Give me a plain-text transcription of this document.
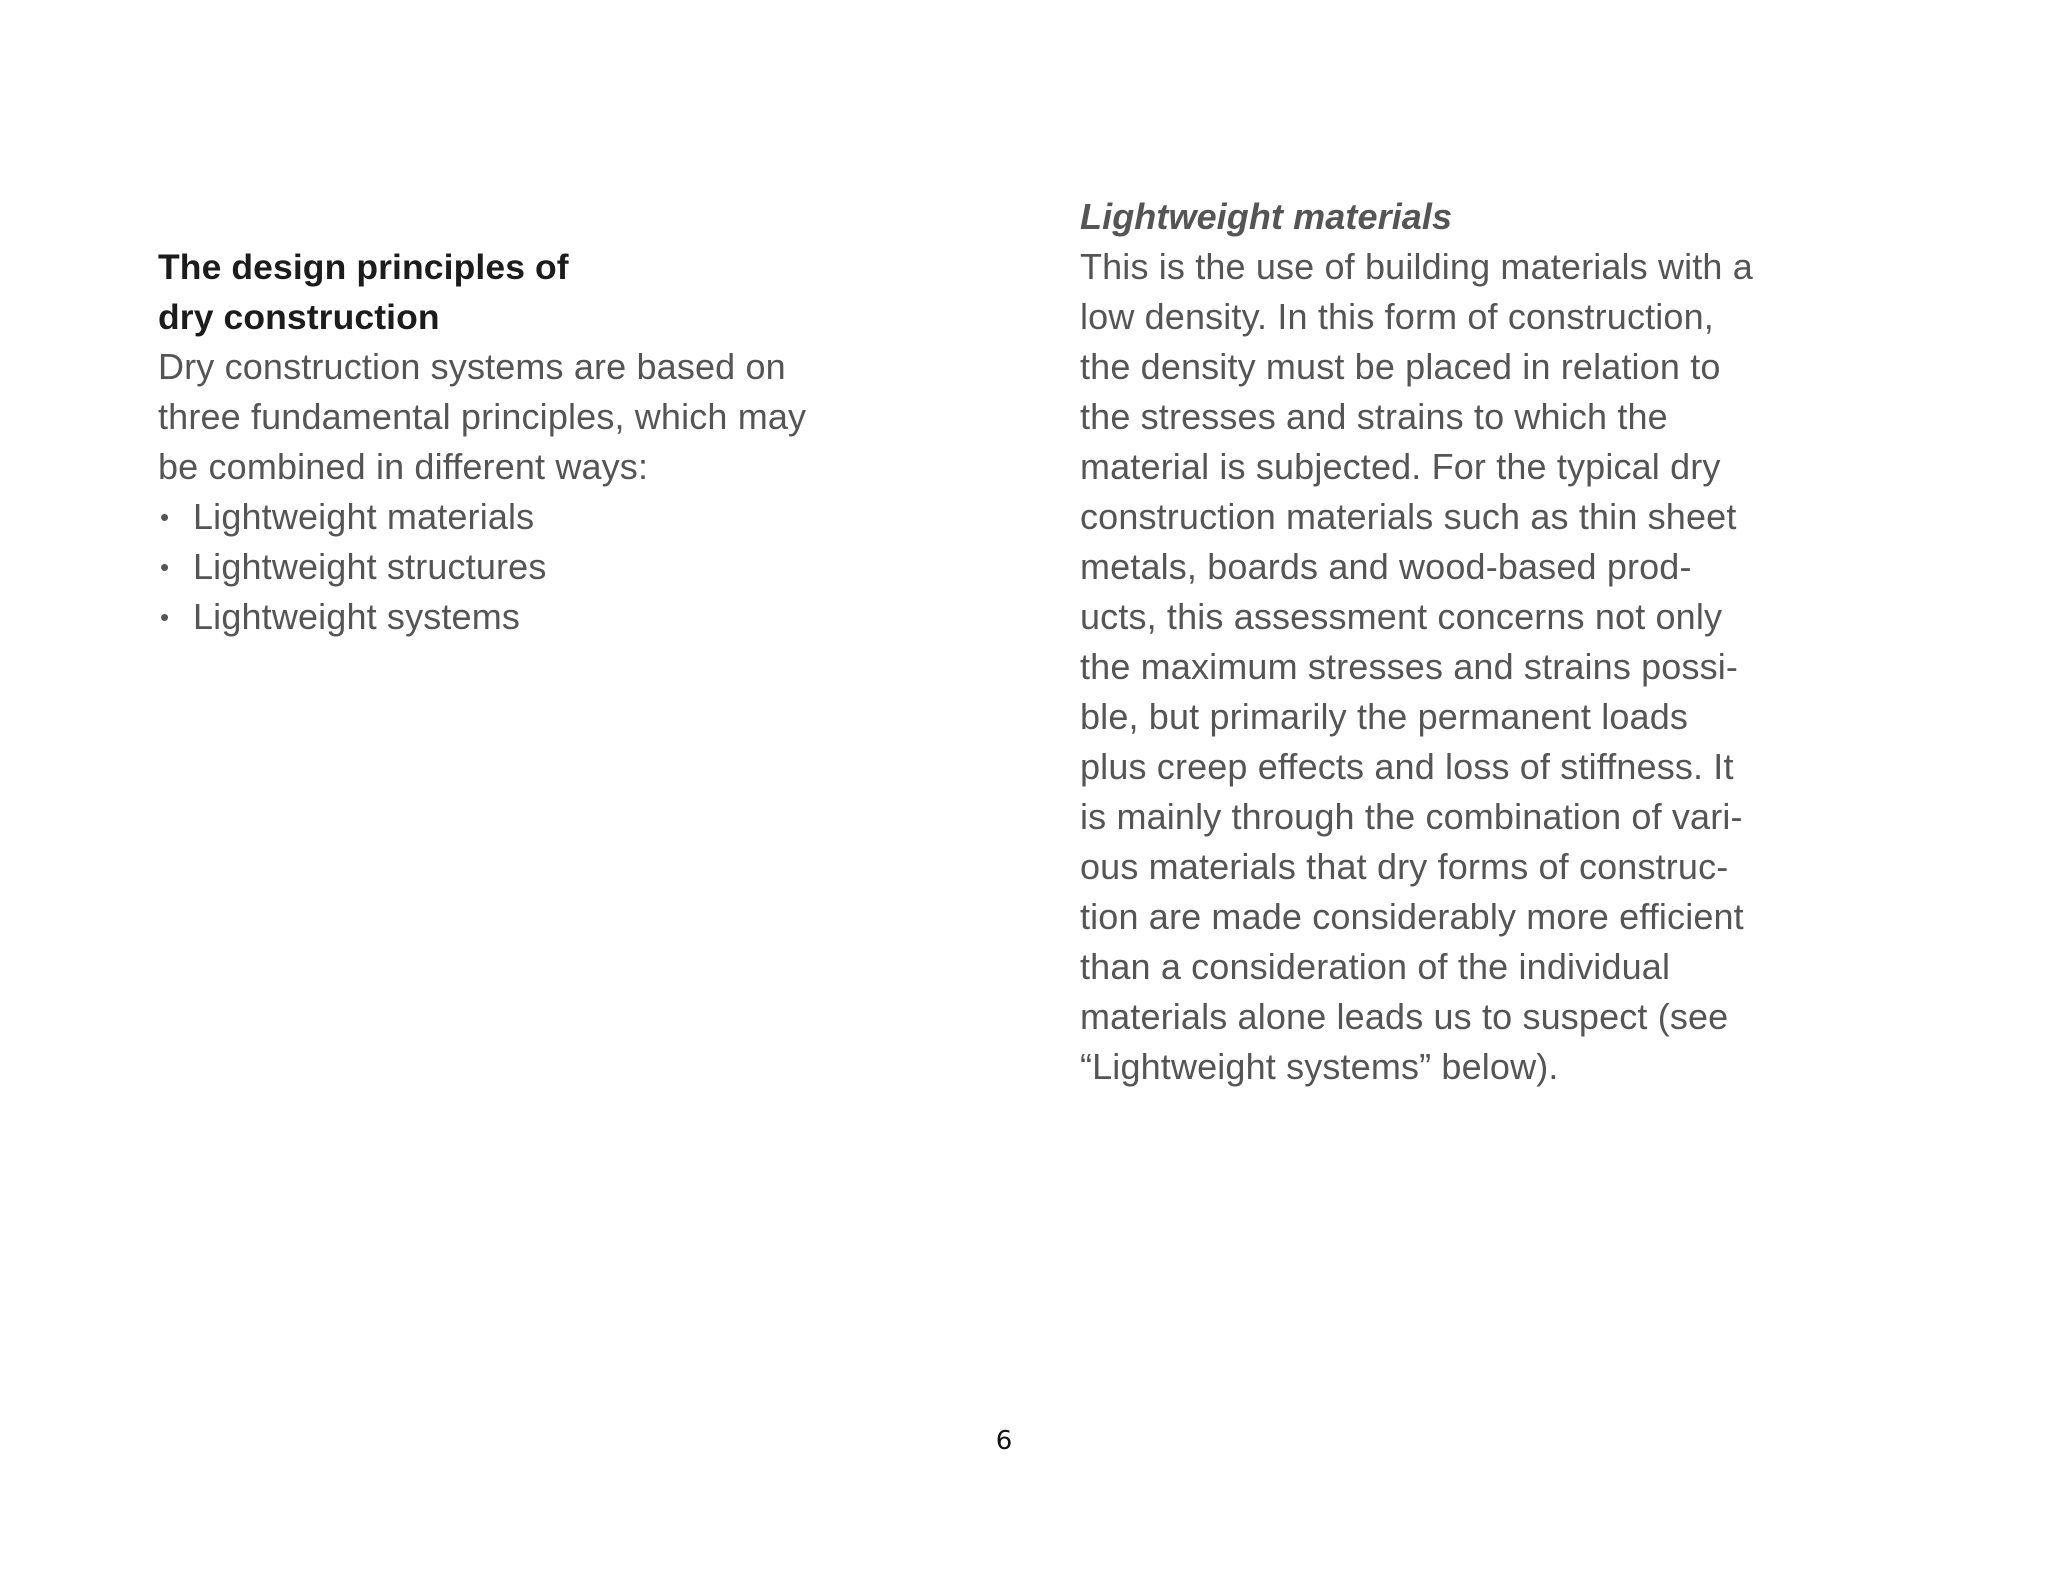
The design principles of
dry construction

Dry construction systems are based on
three fundamental principles, which may
be combined in different ways:

• Lightweight materials
• Lightweight structures
• Lightweight systems
Lightweight materials

This is the use of building materials with a
low density. In this form of construction,
the density must be placed in relation to
the stresses and strains to which the
material is subjected. For the typical dry
construction materials such as thin sheet
metals, boards and wood-based prod-
ucts, this assessment concerns not only
the maximum stresses and strains possi-
ble, but primarily the permanent loads
plus creep effects and loss of stiffness. It
is mainly through the combination of vari-
ous materials that dry forms of construc-
tion are made considerably more efficient
than a consideration of the individual
materials alone leads us to suspect (see
“Lightweight systems” below).

6
